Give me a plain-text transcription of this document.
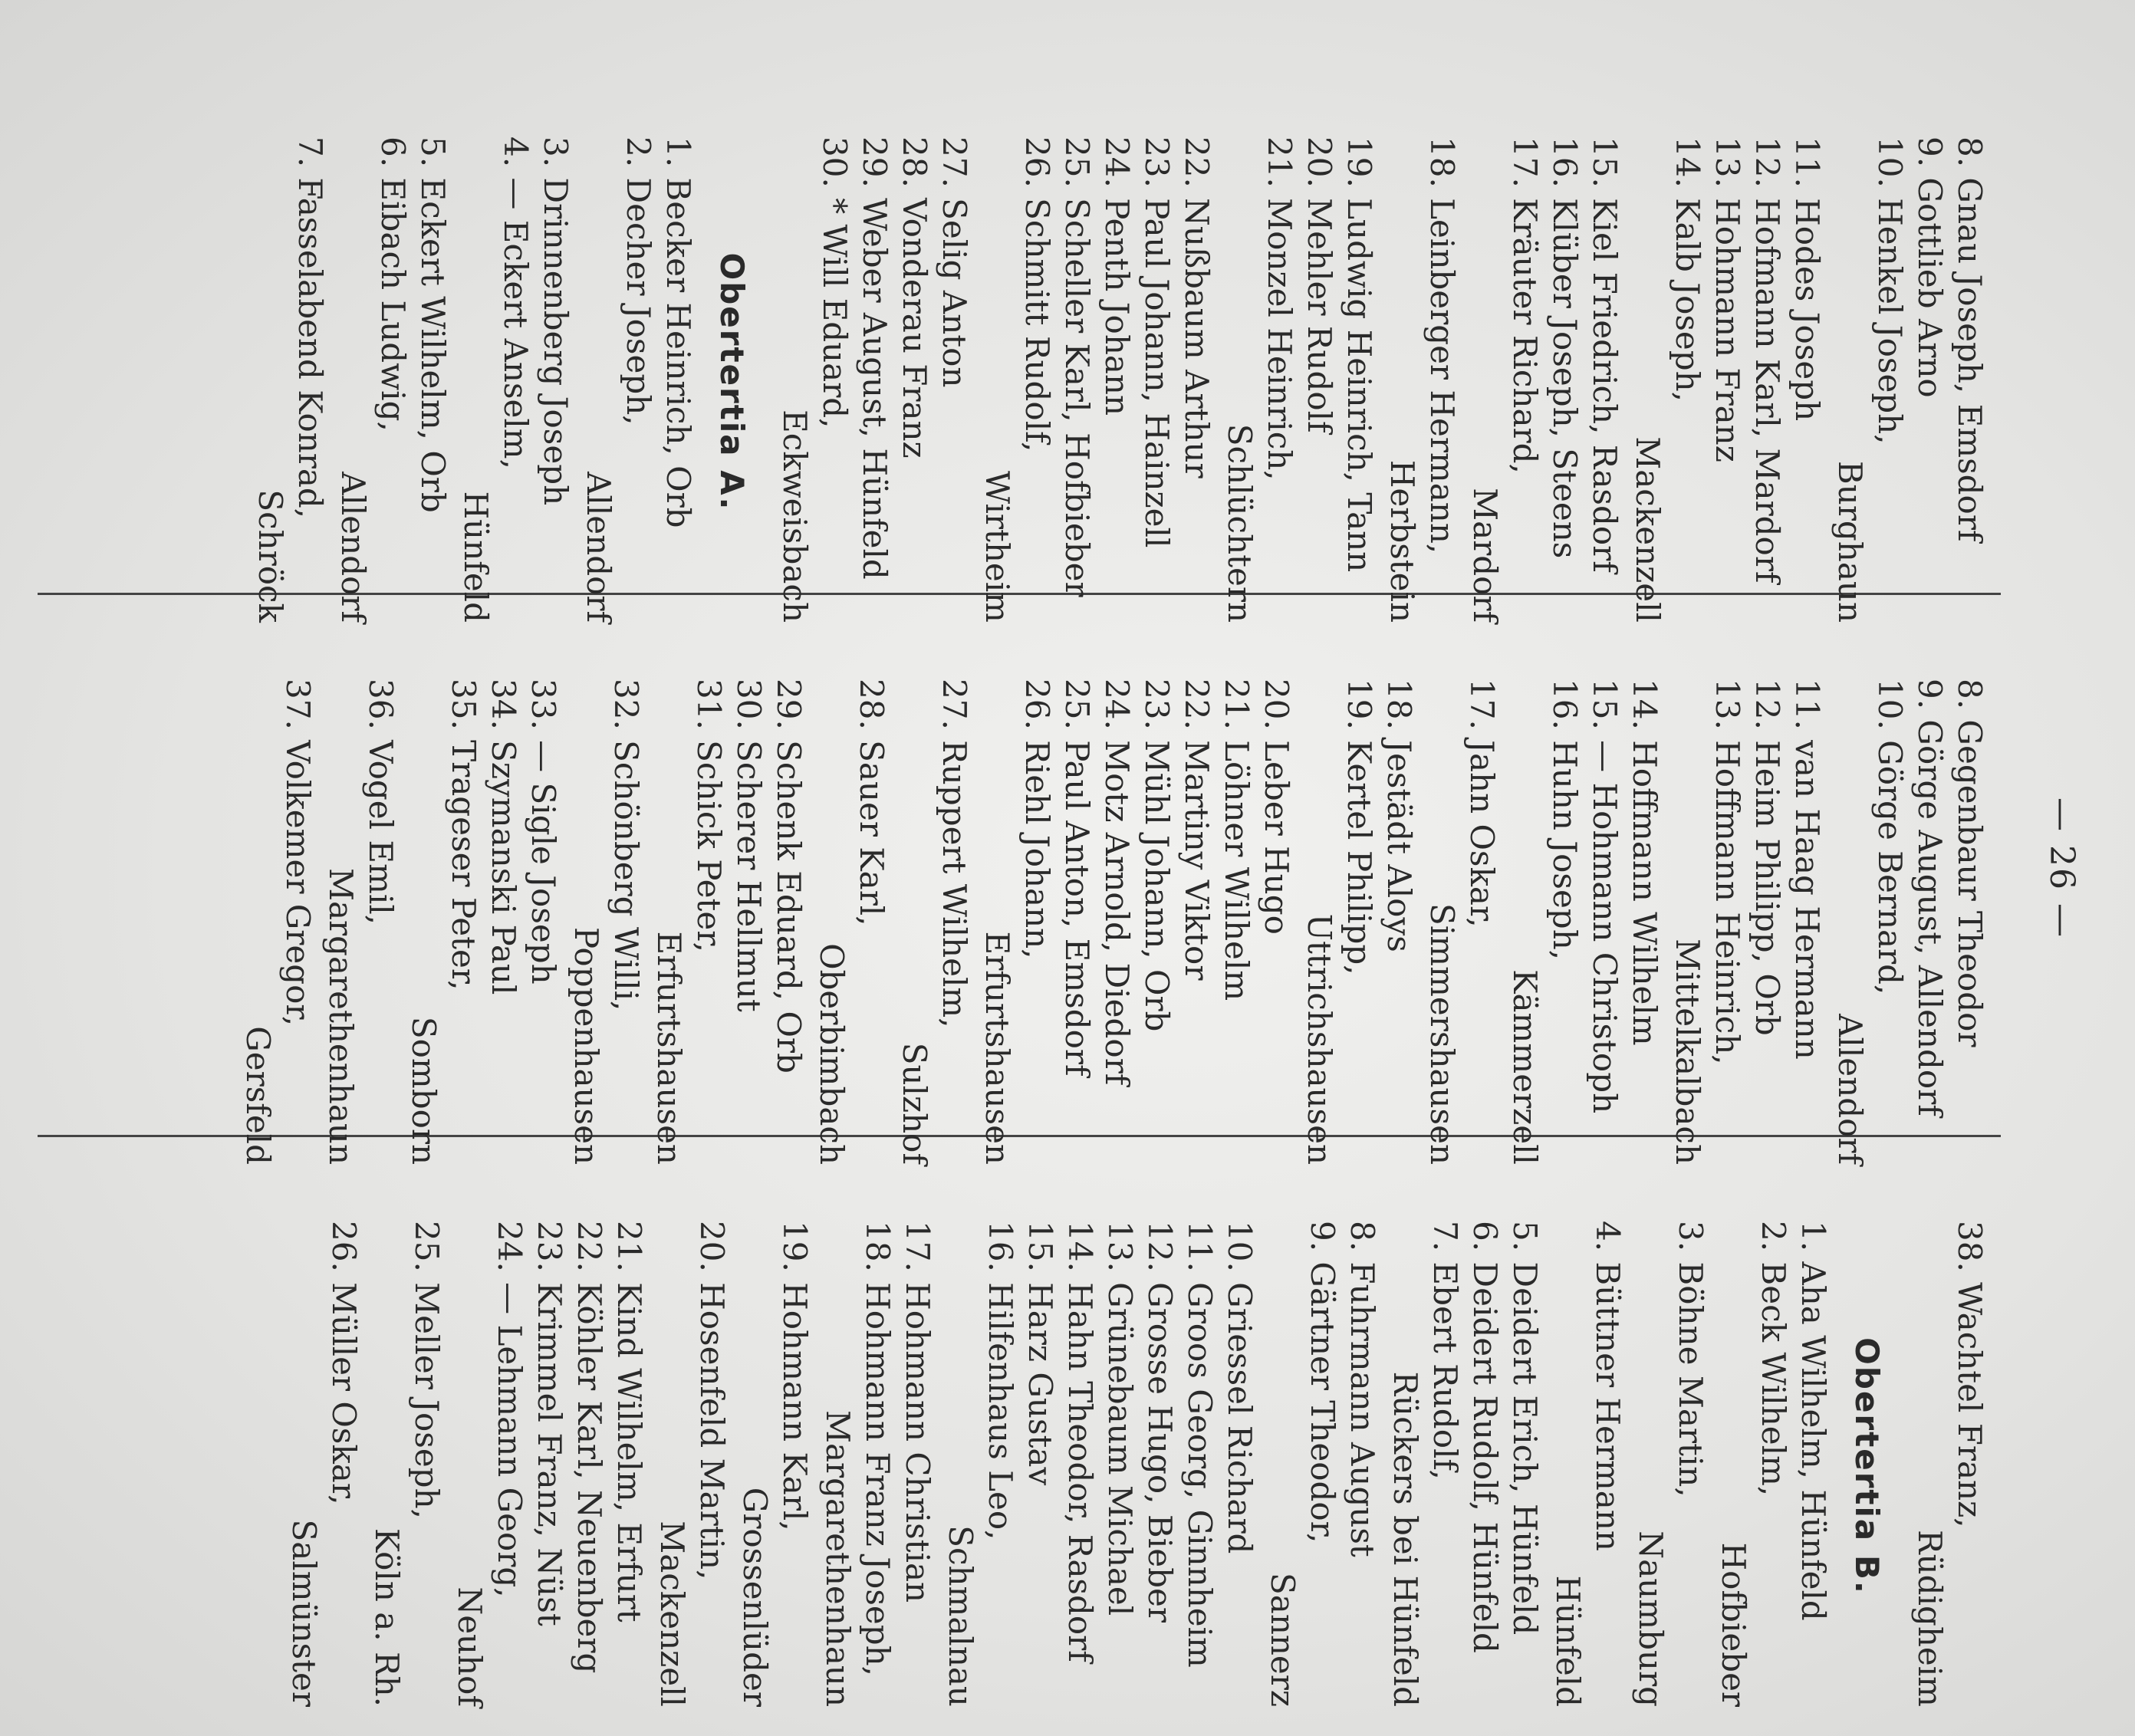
— 26 —
8. Gnau Joseph, Emsdorf
9. Gottlieb Arno
10. Henkel Joseph,
Burghaun
11. Hodes Joseph
12. Hofmann Karl, Mardorf
13. Hohmann Franz
14. Kalb Joseph,
Mackenzell
15. Kiel Friedrich, Rasdorf
16. Klüber Joseph, Steens
17. Kräuter Richard,
Mardorf
18. Leinberger Hermann,
Herbstein
19. Ludwig Heinrich, Tann
20. Mehler Rudolf
21. Monzel Heinrich,
Schlüchtern
22. Nußbaum Arthur
23. Paul Johann, Hainzell
24. Penth Johann
25. Scheller Karl, Hofbieber
26. Schmitt Rudolf,
Wirtheim
27. Selig Anton
28. Vonderau Franz
29. Weber August, Hünfeld
30. * Will Eduard,
Eckweisbach
Obertertia A.
1. Becker Heinrich, Orb
2. Decher Joseph,
Allendorf
3. Drinnenberg Joseph
4. — Eckert Anselm,
Hünfeld
5. Eckert Wilhelm, Orb
6. Eibach Ludwig,
Allendorf
7. Fasselabend Konrad,
Schröck
8. Gegenbaur Theodor
9. Görge August, Allendorf
10. Görge Bernard,
Allendorf
11. van Haag Hermann
12. Heim Philipp, Orb
13. Hoffmann Heinrich,
Mittelkalbach
14. Hoffmann Wilhelm
15. — Hohmann Christoph
16. Huhn Joseph,
Kämmerzell
17. Jahn Oskar,
Simmershausen
18. Jestädt Aloys
19. Kertel Philipp,
Uttrichshausen
20. Leber Hugo
21. Löhner Wilhelm
22. Martiny Viktor
23. Mühl Johann, Orb
24. Motz Arnold, Diedorf
25. Paul Anton, Emsdorf
26. Riehl Johann,
Erfurtshausen
27. Ruppert Wilhelm,
Sulzhof
28. Sauer Karl,
Oberbimbach
29. Schenk Eduard, Orb
30. Scherer Hellmut
31. Schick Peter,
Erfurtshausen
32. Schönberg Willi,
Poppenhausen
33. — Sigle Joseph
34. Szymanski Paul
35. Trageser Peter,
Somborn
36. Vogel Emil,
Margarethenhaun
37. Volkemer Gregor,
Gersfeld
38. Wachtel Franz,
Rüdigheim
Obertertia B.
1. Aha Wilhelm, Hünfeld
2. Beck Wilhelm,
Hofbieber
3. Böhne Martin,
Naumburg
4. Büttner Hermann
Hünfeld
5. Deidert Erich, Hünfeld
6. Deidert Rudolf, Hünfeld
7. Ebert Rudolf,
Rückers bei Hünfeld
8. Fuhrmann August
9. Gärtner Theodor,
Sannerz
10. Griessel Richard
11. Groos Georg, Ginnheim
12. Grosse Hugo, Bieber
13. Grünebaum Michael
14. Hahn Theodor, Rasdorf
15. Harz Gustav
16. Hilfenhaus Leo,
Schmalnau
17. Hohmann Christian
18. Hohmann Franz Joseph,
Margarethenhaun
19. Hohmann Karl,
Grossenlüder
20. Hosenfeld Martin,
Mackenzell
21. Kind Wilhelm, Erfurt
22. Köhler Karl, Neuenberg
23. Krimmel Franz, Nüst
24. — Lehmann Georg,
Neuhof
25. Meller Joseph,
Köln a. Rh.
26. Müller Oskar,
Salmünster
